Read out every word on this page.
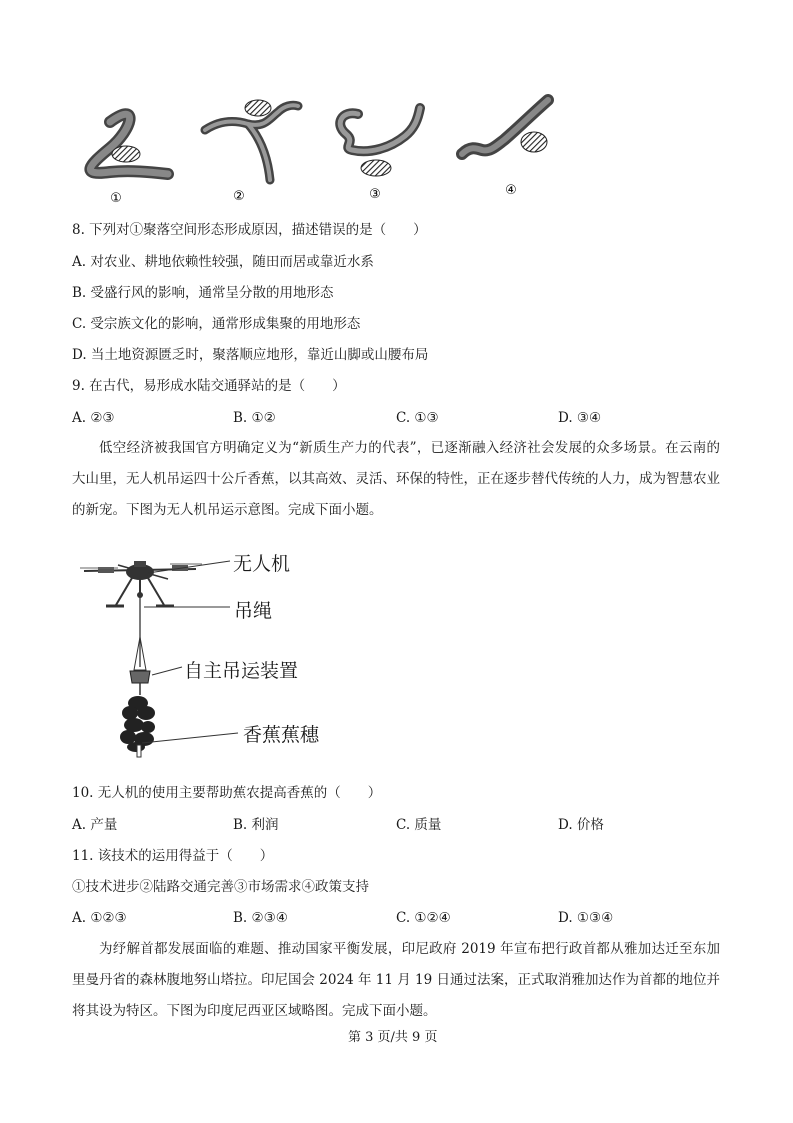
①	②	③	④
8. 下列对①聚落空间形态形成原因，描述错误的是（　　）
A. 对农业、耕地依赖性较强，随田而居或靠近水系
B. 受盛行风的影响，通常呈分散的用地形态
C. 受宗族文化的影响，通常形成集聚的用地形态
D. 当土地资源匮乏时，聚落顺应地形，靠近山脚或山腰布局
9. 在古代，易形成水陆交通驿站的是（　　）
A. ②③	B. ①②	C. ①③	D. ③④
低空经济被我国官方明确定义为“新质生产力的代表”，已逐渐融入经济社会发展的众多场景。在云南的大山里，无人机吊运四十公斤香蕉，以其高效、灵活、环保的特性，正在逐步替代传统的人力，成为智慧农业的新宠。下图为无人机吊运示意图。完成下面小题。
无人机
吊绳
自主吊运装置
香蕉蕉穗
10. 无人机的使用主要帮助蕉农提高香蕉的（　　）
A. 产量	B. 利润	C. 质量	D. 价格
11. 该技术的运用得益于（　　）
①技术进步②陆路交通完善③市场需求④政策支持
A. ①②③	B. ②③④	C. ①②④	D. ①③④
为纾解首都发展面临的难题、推动国家平衡发展，印尼政府 2019 年宣布把行政首都从雅加达迁至东加里曼丹省的森林腹地努山塔拉。印尼国会 2024 年 11 月 19 日通过法案，正式取消雅加达作为首都的地位并将其设为特区。下图为印度尼西亚区域略图。完成下面小题。
第 3 页/共 9 页
